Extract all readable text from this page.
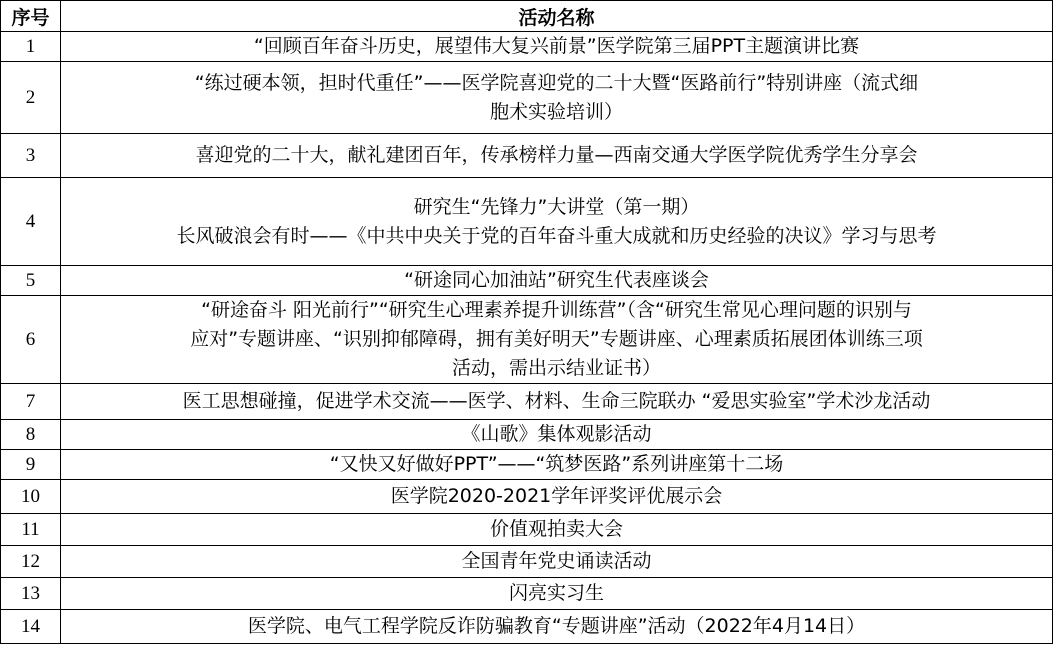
序号	活动名称
1	“回顾百年奋斗历史，展望伟大复兴前景”医学院第三届PPT主题演讲比赛

2	“练过硬本领，担时代重任”——医学院喜迎党的二十大暨“医路前行”特别讲座（流式细
胞术实验培训）

3	喜迎党的二十大，献礼建团百年，传承榜样力量—西南交通大学医学院优秀学生分享会

4	研究生“先锋力”大讲堂（第一期）
长风破浪会有时——《中共中央关于党的百年奋斗重大成就和历史经验的决议》学习与思考

5	“研途同心加油站”研究生代表座谈会

6	“研途奋斗 阳光前行”“研究生心理素养提升训练营”（含“研究生常见心理问题的识别与
应对”专题讲座、“识别抑郁障碍，拥有美好明天”专题讲座、心理素质拓展团体训练三项
活动，需出示结业证书）

7	医工思想碰撞，促进学术交流——医学、材料、生命三院联办 “爱思实验室”学术沙龙活动

8	《山歌》集体观影活动

9	“又快又好做好PPT”——“筑梦医路”系列讲座第十二场

10	医学院2020-2021学年评奖评优展示会

11	价值观拍卖大会

12	全国青年党史诵读活动

13	闪亮实习生

14	医学院、电气工程学院反诈防骗教育“专题讲座”活动（2022年4月14日）
